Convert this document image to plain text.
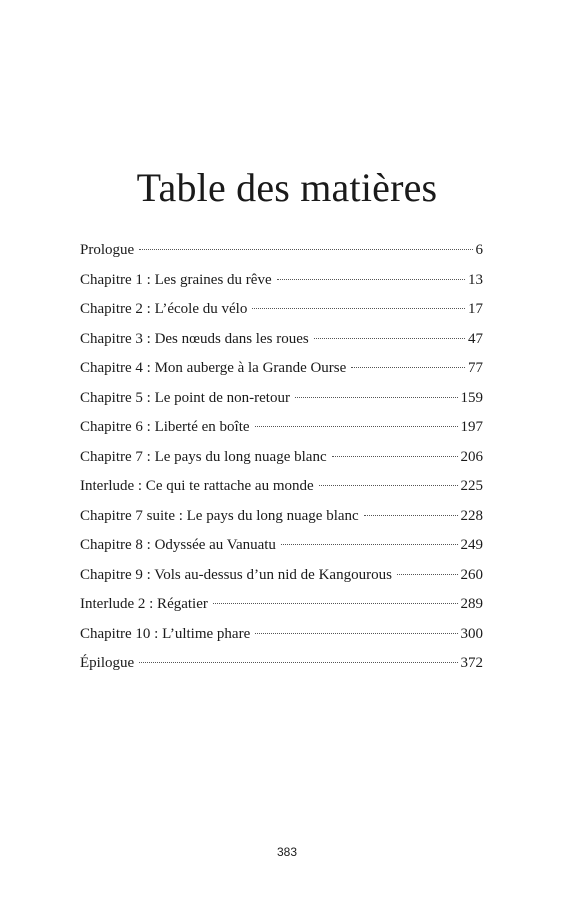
Table des matières
Prologue	6
Chapitre 1 : Les graines du rêve	13
Chapitre 2 : L’école du vélo	17
Chapitre 3 : Des nœuds dans les roues	47
Chapitre 4 : Mon auberge à la Grande Ourse	77
Chapitre 5 : Le point de non-retour	159
Chapitre 6 : Liberté en boîte	197
Chapitre 7 : Le pays du long nuage blanc	206
Interlude : Ce qui te rattache au monde	225
Chapitre 7 suite : Le pays du long nuage blanc	228
Chapitre 8 : Odyssée au Vanuatu	249
Chapitre 9 : Vols au-dessus d’un nid de Kangourous	260
Interlude 2 : Régatier	289
Chapitre 10 : L’ultime phare	300
Épilogue	372
383
